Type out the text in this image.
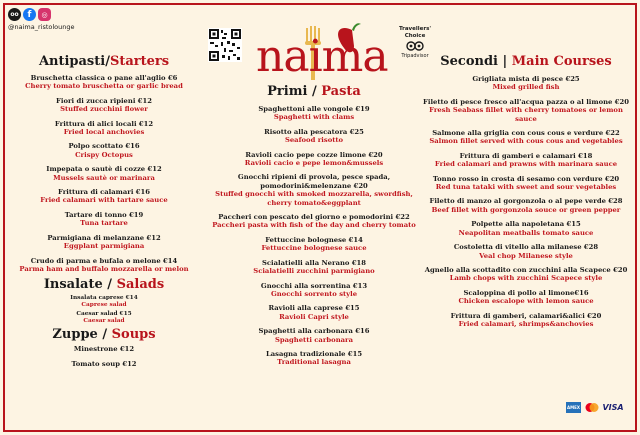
oo f	◎
@naima_ristolounge
naima
Travellers'
Choice
Tripadvisor
Antipasti/Starters
Bruschetta classica o pane all'aglio €6
Cherry tomato bruschetta or garlic bread
Fiori di zucca ripieni €12
Stuffed zucchini flower
Frittura di alici locali €12
Fried local anchovies
Polpo scottato €16
Crispy Octopus
Impepata o sautè di cozze €12
Mussels sautè or marinara
Frittura di calamari €16
Fried calamari with tartare sauce
Tartare di tonno €19
Tuna tartare
Parmigiana di melanzane €12
Eggplant parmigiana
Crudo di parma e bufala o melone €14
Parma ham and buffalo mozzarella or melon
Insalate / Salads
Insalata caprese €14
Caprese salad
Caesar salad €15
Caesar salad
Zuppe / Soups
Minestrone €12
Tomato soup €12
Primi / Pasta
Spaghettoni alle vongole €19
Spaghetti with clams
Risotto alla pescatora €25
Seafood risotto
Ravioli cacio pepe cozze limone €20
Ravioli cacio e pepe lemon&mussels
Gnocchi ripieni di provola, pesce spada, pomodorini&melenzane €20
Stuffed gnocchi with smoked mozzarella, swordfish, cherry tomato&eggplant
Paccheri con pescato del giorno e pomodorini €22
Paccheri pasta with fish of the day and cherry tomato
Fettuccine bolognese €14
Fettuccine bolognese sauce
Scialatielli alla Nerano €18
Scialatielli zucchini parmigiano
Gnocchi alla sorrentina €13
Gnocchi sorrento style
Ravioli alla caprese €15
Ravioli Capri style
Spaghetti alla carbonara €16
Spaghetti carbonara
Lasagna tradizionale €15
Traditional lasagna
Secondi | Main Courses
Grigliata mista di pesce €25
Mixed grilled fish
Filetto di pesce fresco all'acqua pazza o al limone €20
Fresh Seabass fillet with cherry tomatoes or lemon sauce
Salmone alla griglia con cous cous e verdure €22
Salmon fillet served with cous cous and vegetables
Frittura di gamberi e calamari €18
Fried calamari and prawns with marinara sauce
Tonno rosso in crosta di sesamo con verdure €20
Red tuna tataki with sweet and sour vegetables
Filetto di manzo al gorgonzola o al pepe verde €28
Beef fillet with gorgonzola souce or green pepper
Polpette alla napoletana €15
Neapolitan meatballs tomato sauce
Costoletta di vitello alla milanese €28
Veal chop Milanese style
Agnello alla scottadito con zucchini alla Scapece €20
Lamb chops with zucchini Scapece style
Scaloppina di pollo al limone€16
Chicken escalope with lemon sauce
Frittura di gamberi, calamari&alici €20
Fried calamari, shrimps&anchovies
AMEX	VISA
